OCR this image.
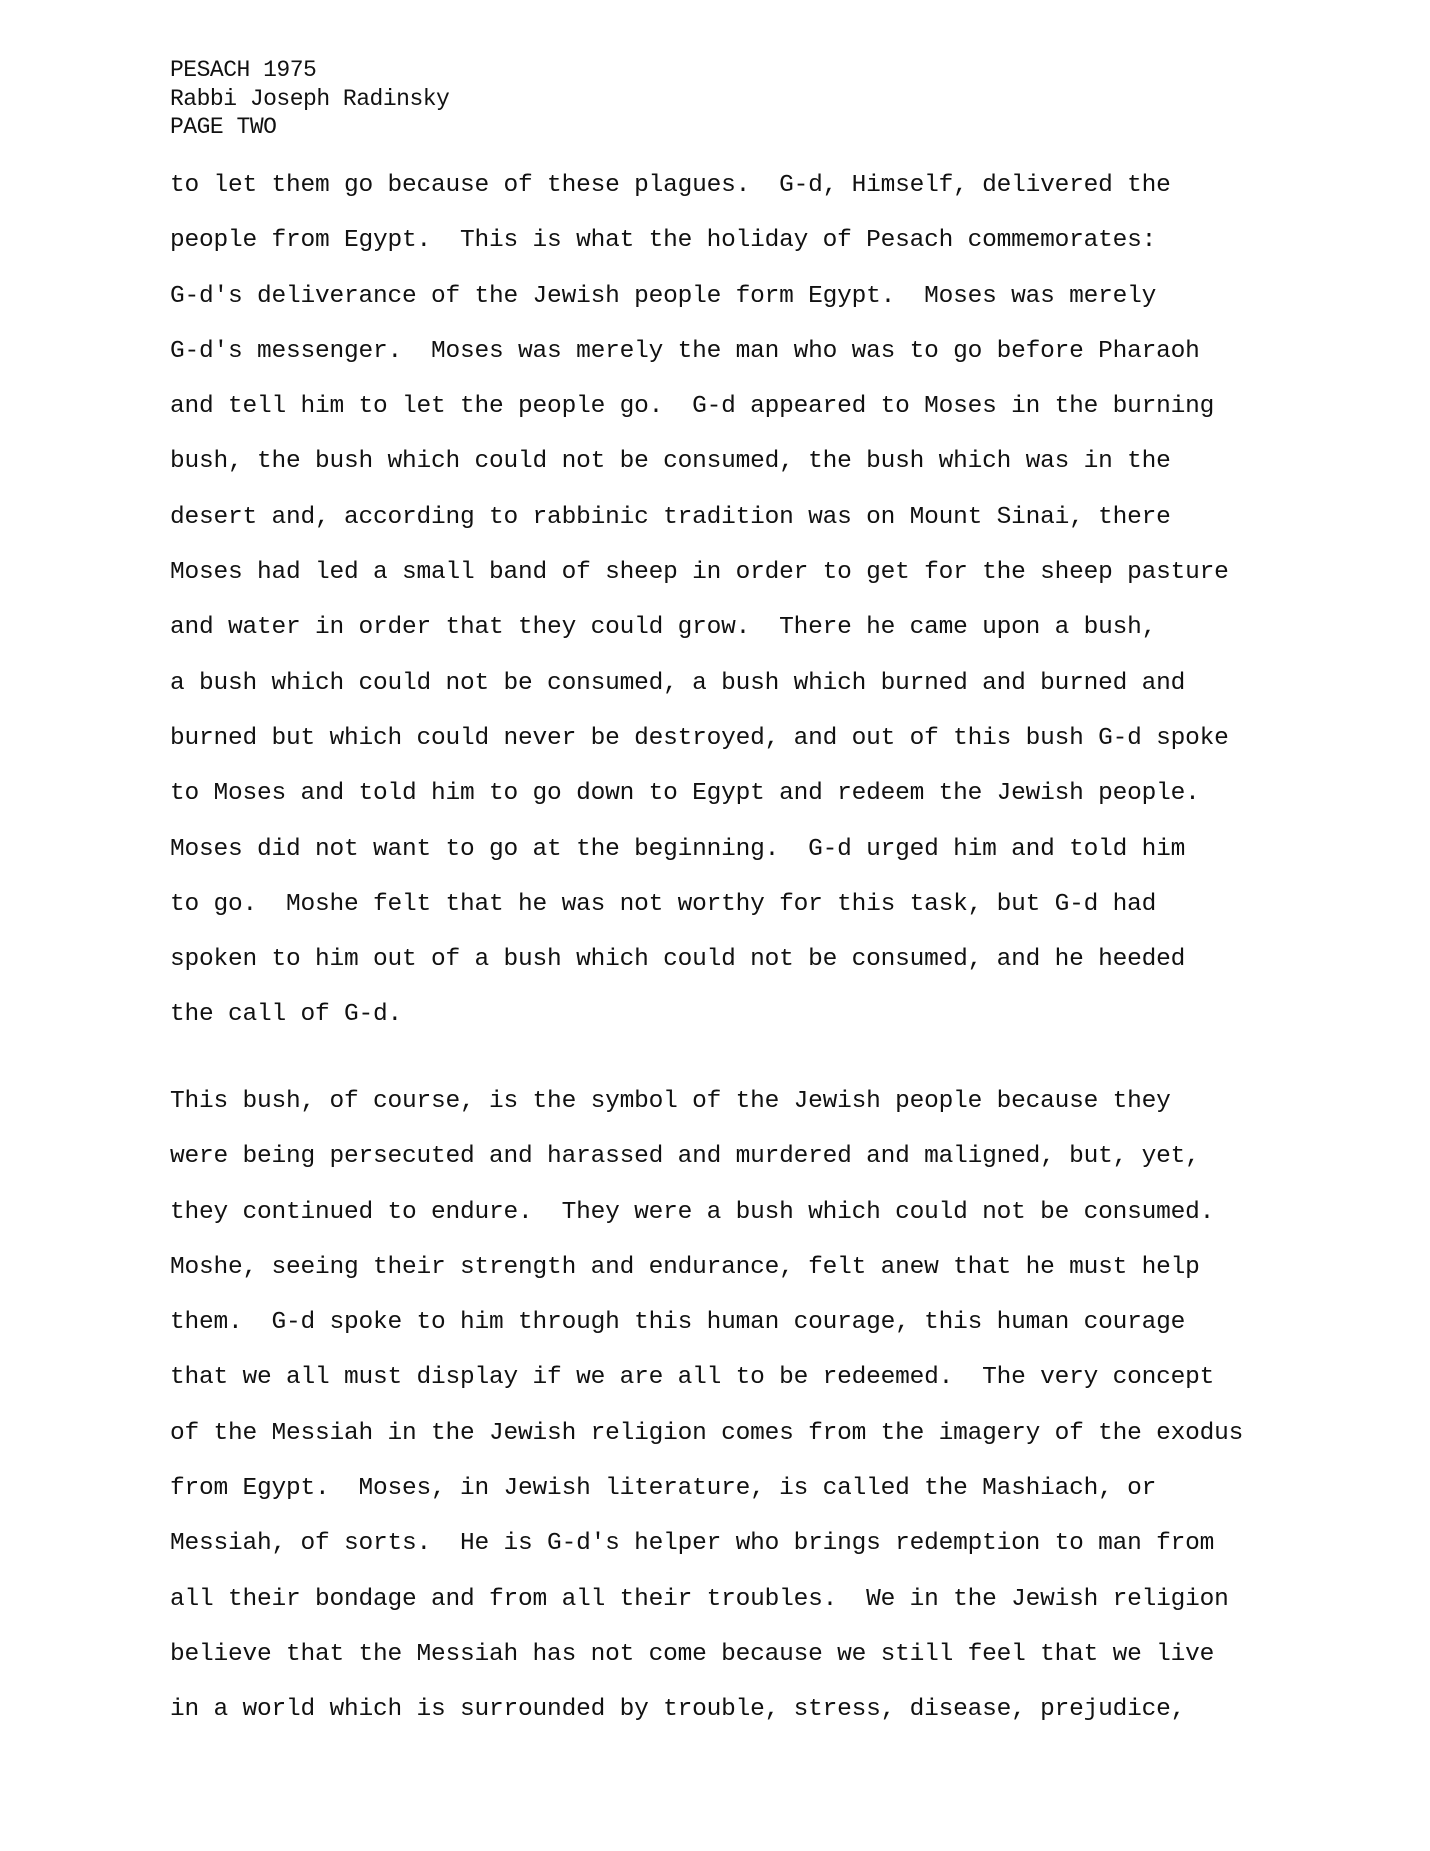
PESACH 1975
Rabbi Joseph Radinsky
PAGE TWO
to let them go because of these plagues.  G-d, Himself, delivered the
people from Egypt.  This is what the holiday of Pesach commemorates:
G-d's deliverance of the Jewish people form Egypt.  Moses was merely
G-d's messenger.  Moses was merely the man who was to go before Pharaoh
and tell him to let the people go.  G-d appeared to Moses in the burning
bush, the bush which could not be consumed, the bush which was in the
desert and, according to rabbinic tradition was on Mount Sinai, there
Moses had led a small band of sheep in order to get for the sheep pasture
and water in order that they could grow.  There he came upon a bush,
a bush which could not be consumed, a bush which burned and burned and
burned but which could never be destroyed, and out of this bush G-d spoke
to Moses and told him to go down to Egypt and redeem the Jewish people.
Moses did not want to go at the beginning.  G-d urged him and told him
to go.  Moshe felt that he was not worthy for this task, but G-d had
spoken to him out of a bush which could not be consumed, and he heeded
the call of G-d.
This bush, of course, is the symbol of the Jewish people because they
were being persecuted and harassed and murdered and maligned, but, yet,
they continued to endure.  They were a bush which could not be consumed.
Moshe, seeing their strength and endurance, felt anew that he must help
them.  G-d spoke to him through this human courage, this human courage
that we all must display if we are all to be redeemed.  The very concept
of the Messiah in the Jewish religion comes from the imagery of the exodus
from Egypt.  Moses, in Jewish literature, is called the Mashiach, or
Messiah, of sorts.  He is G-d's helper who brings redemption to man from
all their bondage and from all their troubles.  We in the Jewish religion
believe that the Messiah has not come because we still feel that we live
in a world which is surrounded by trouble, stress, disease, prejudice,
